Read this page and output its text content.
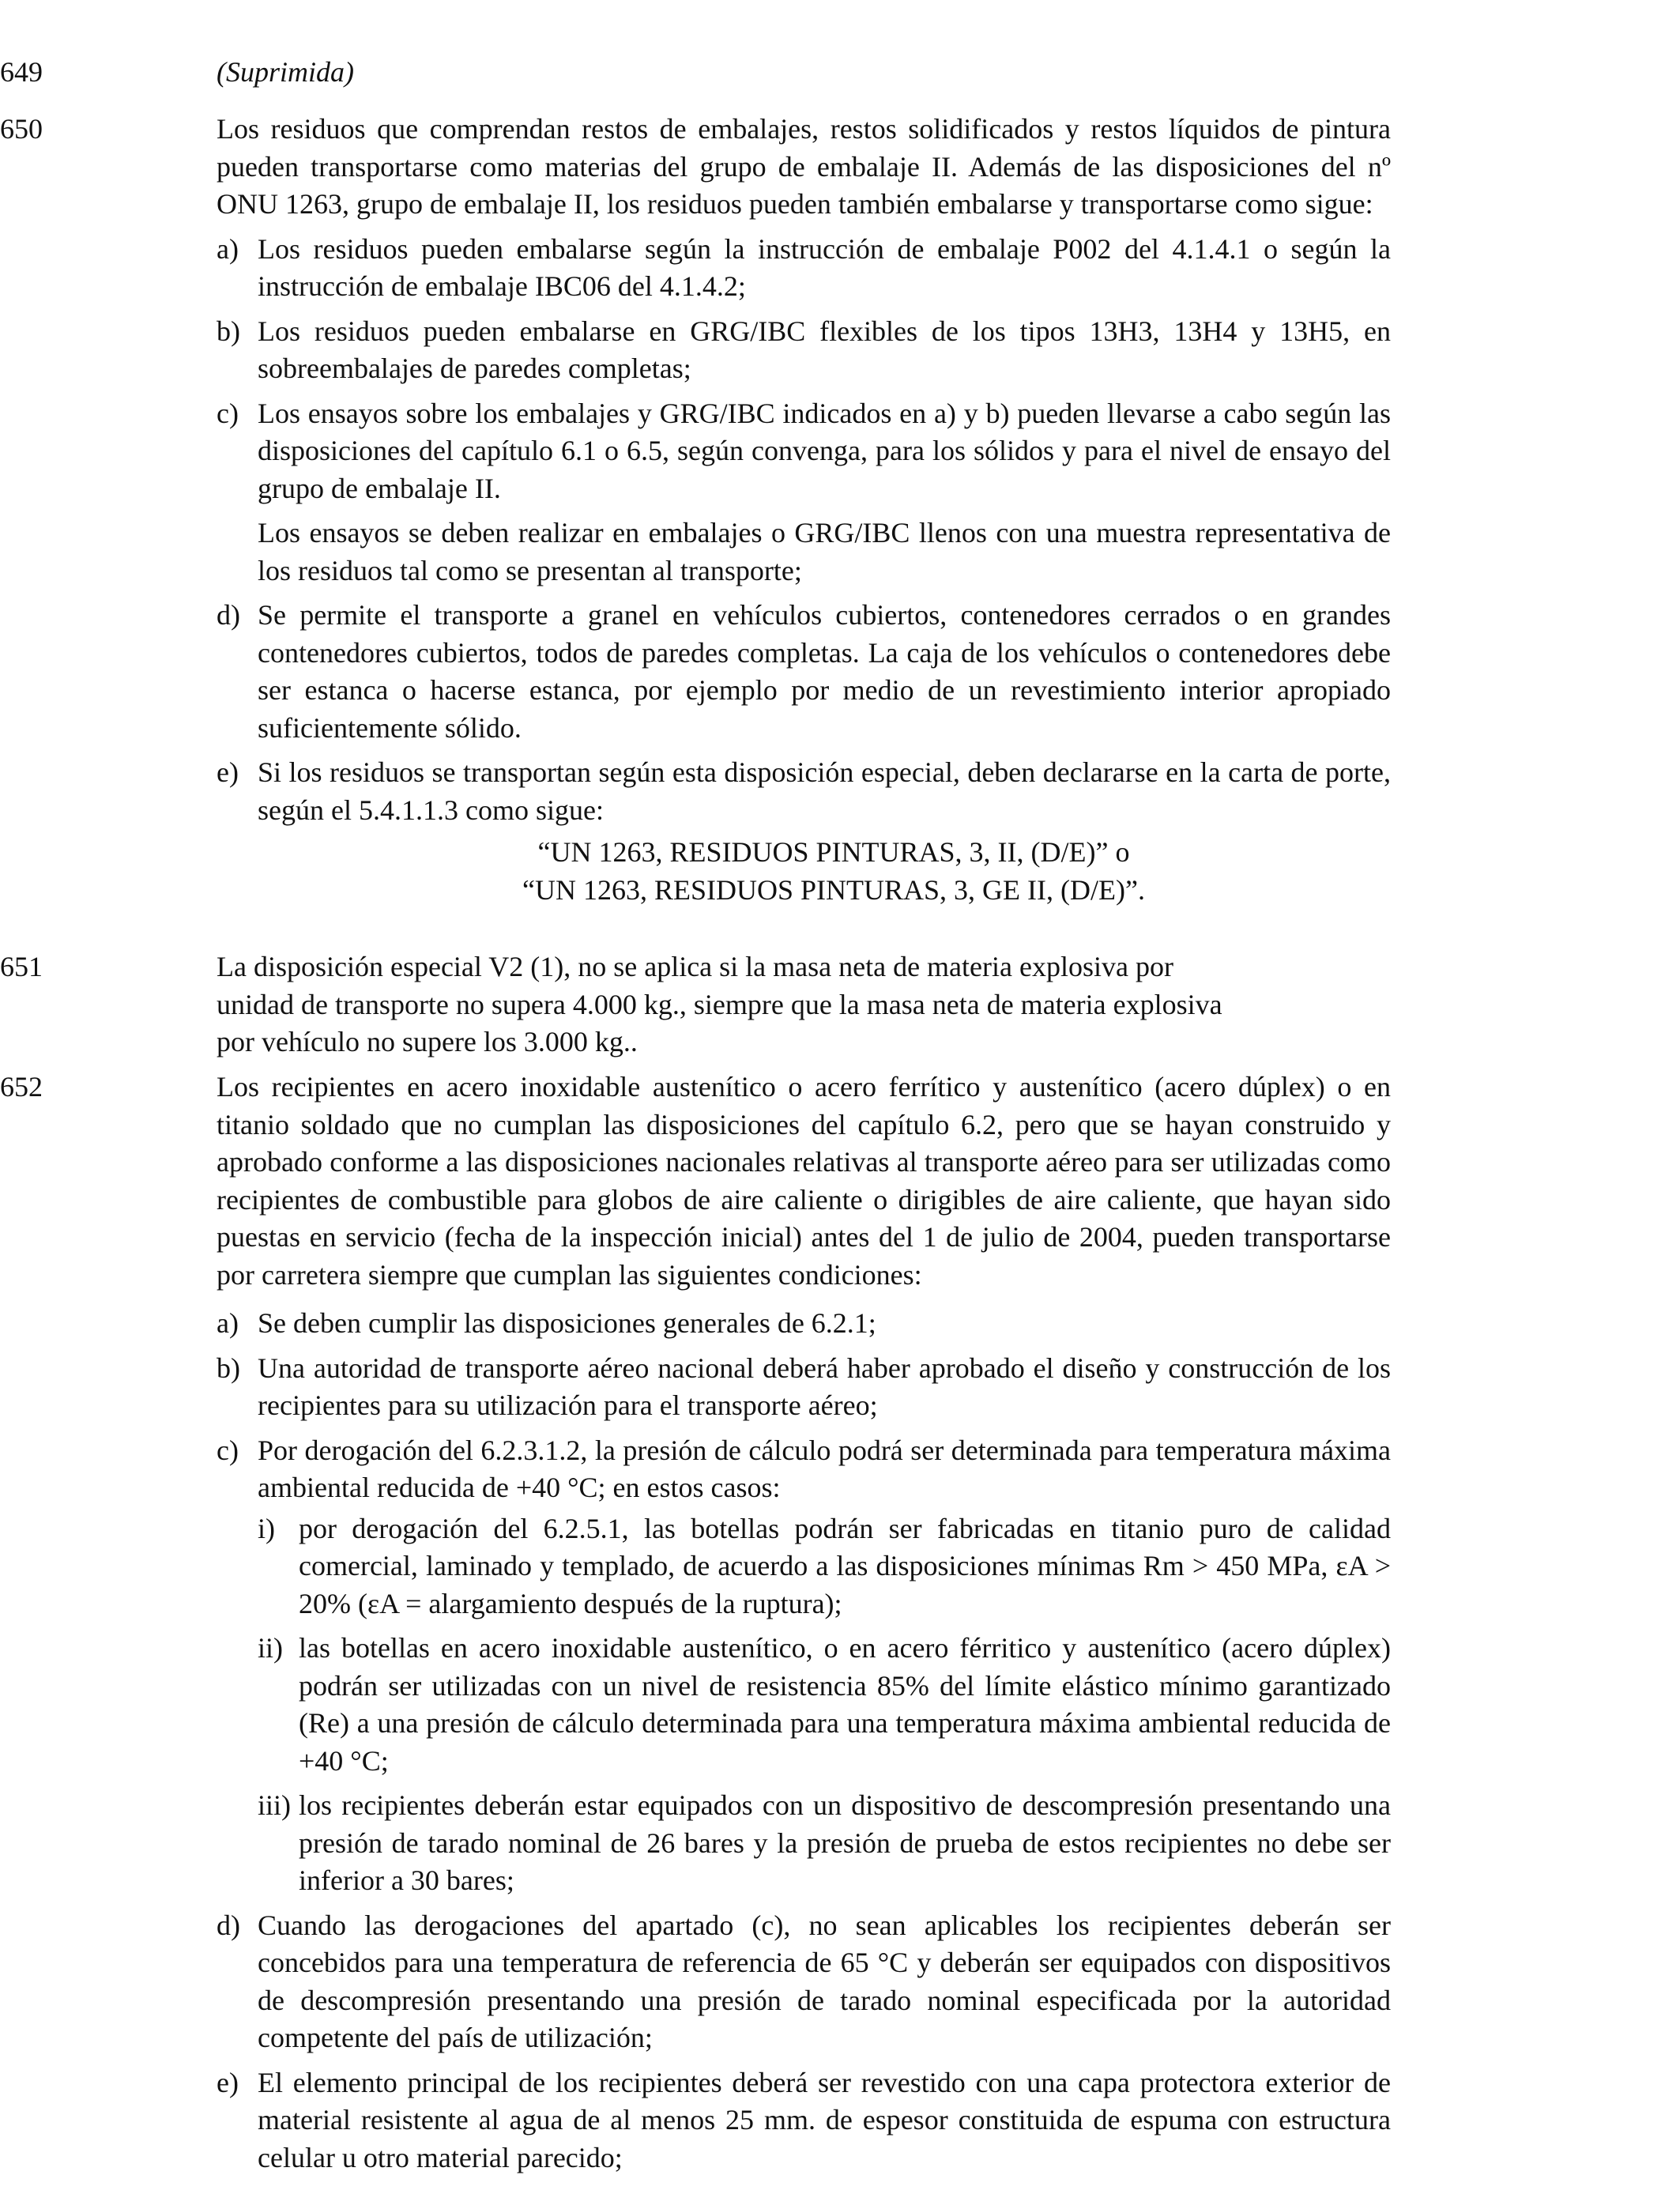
649	(Suprimida)

650	Los residuos que comprendan restos de embalajes, restos solidificados y restos líquidos de pintura pueden transportarse como materias del grupo de embalaje II. Además de las disposiciones del nº ONU 1263, grupo de embalaje II, los residuos pueden también embalarse y transportarse como sigue:

a) Los residuos pueden embalarse según la instrucción de embalaje P002 del 4.1.4.1 o según la instrucción de embalaje IBC06 del 4.1.4.2;
b) Los residuos pueden embalarse en GRG/IBC flexibles de los tipos 13H3, 13H4 y 13H5, en sobreembalajes de paredes completas;
c) Los ensayos sobre los embalajes y GRG/IBC indicados en a) y b) pueden llevarse a cabo según las disposiciones del capítulo 6.1 o 6.5, según convenga, para los sólidos y para el nivel de ensayo del grupo de embalaje II.
Los ensayos se deben realizar en embalajes o GRG/IBC llenos con una muestra representativa de los residuos tal como se presentan al transporte;
d) Se permite el transporte a granel en vehículos cubiertos, contenedores cerrados o en grandes contenedores cubiertos, todos de paredes completas. La caja de los vehículos o contenedores debe ser estanca o hacerse estanca, por ejemplo por medio de un revestimiento interior apropiado suficientemente sólido.
e) Si los residuos se transportan según esta disposición especial, deben declararse en la carta de porte, según el 5.4.1.1.3 como sigue:
“UN 1263, RESIDUOS PINTURAS, 3, II, (D/E)” o
“UN 1263, RESIDUOS PINTURAS, 3, GE II, (D/E)”.
651	La disposición especial V2 (1), no se aplica si la masa neta de materia explosiva por unidad de transporte no supera 4.000 kg., siempre que la masa neta de materia explosiva por vehículo no supere los 3.000 kg..

652	Los recipientes en acero inoxidable austenítico o acero ferrítico y austenítico (acero dúplex) o en titanio soldado que no cumplan las disposiciones del capítulo 6.2, pero que se hayan construido y aprobado conforme a las disposiciones nacionales relativas al transporte aéreo para ser utilizadas como recipientes de combustible para globos de aire caliente o dirigibles de aire caliente, que hayan sido puestas en servicio (fecha de la inspección inicial) antes del 1 de julio de 2004, pueden transportarse por carretera siempre que cumplan las siguientes condiciones:

a) Se deben cumplir las disposiciones generales de 6.2.1;
b) Una autoridad de transporte aéreo nacional deberá haber aprobado el diseño y construcción de los recipientes para su utilización para el transporte aéreo;
c) Por derogación del 6.2.3.1.2, la presión de cálculo podrá ser determinada para temperatura máxima ambiental reducida de +40 °C; en estos casos:
i) por derogación del 6.2.5.1, las botellas podrán ser fabricadas en titanio puro de calidad comercial, laminado y templado, de acuerdo a las disposiciones mínimas Rm > 450 MPa, εA > 20% (εA = alargamiento después de la ruptura);
ii) las botellas en acero inoxidable austenítico, o en acero férritico y austenítico (acero dúplex) podrán ser utilizadas con un nivel de resistencia 85% del límite elástico mínimo garantizado (Re) a una presión de cálculo determinada para una temperatura máxima ambiental reducida de +40 °C;
iii) los recipientes deberán estar equipados con un dispositivo de descompresión presentando una presión de tarado nominal de 26 bares y la presión de prueba de estos recipientes no debe ser inferior a 30 bares;
d) Cuando las derogaciones del apartado (c), no sean aplicables los recipientes deberán ser concebidos para una temperatura de referencia de 65 °C y deberán ser equipados con dispositivos de descompresión presentando una presión de tarado nominal especificada por la autoridad competente del país de utilización;
e) El elemento principal de los recipientes deberá ser revestido con una capa protectora exterior de material resistente al agua de al menos 25 mm. de espesor constituida de espuma con estructura celular u otro material parecido;
